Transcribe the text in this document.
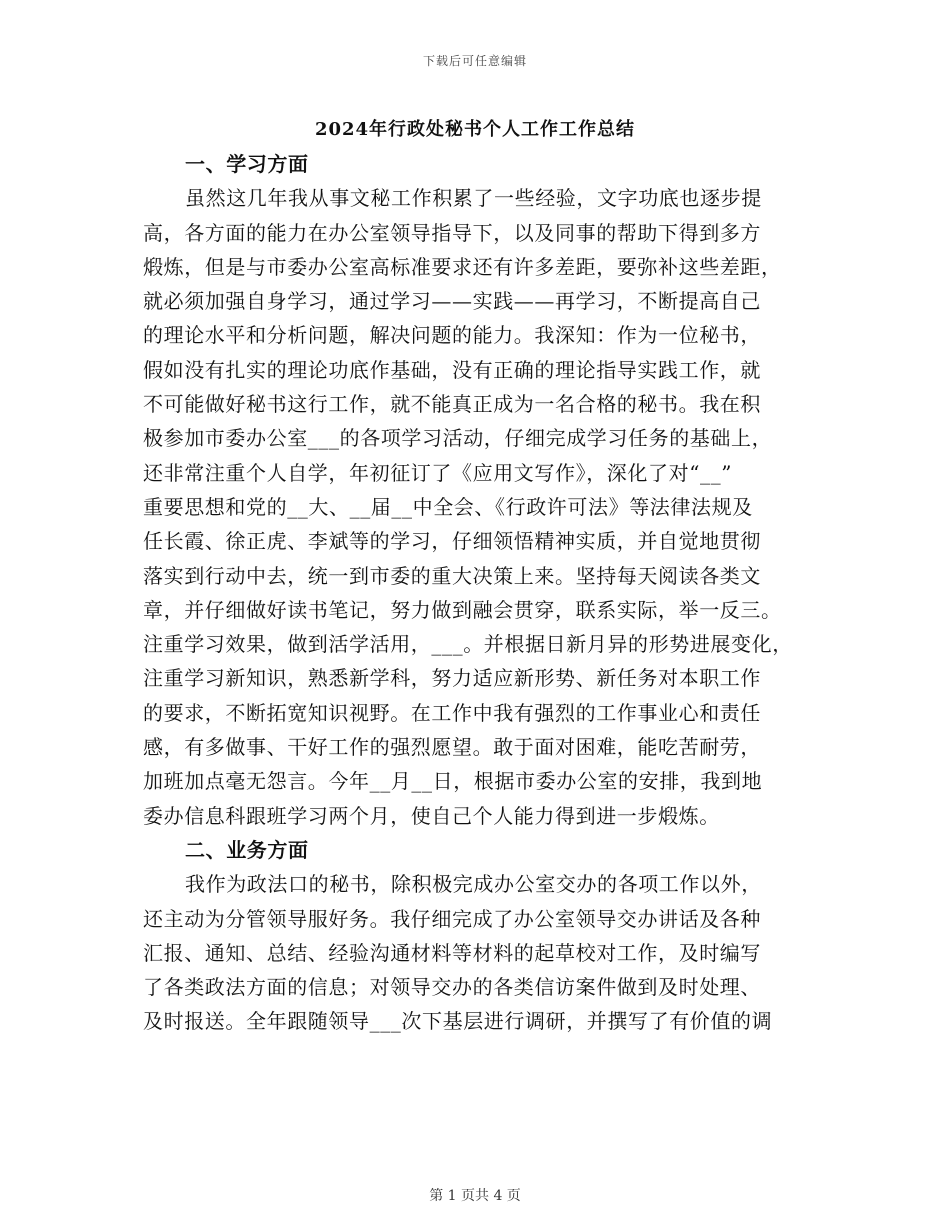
下载后可任意编辑
2024年行政处秘书个人工作工作总结
一、学习方面
虽然这几年我从事文秘工作积累了一些经验，文字功底也逐步提
高，各方面的能力在办公室领导指导下，以及同事的帮助下得到多方
煅炼，但是与市委办公室高标准要求还有许多差距，要弥补这些差距，
就必须加强自身学习，通过学习——实践——再学习，不断提高自己
的理论水平和分析问题，解决问题的能力。我深知：作为一位秘书，
假如没有扎实的理论功底作基础，没有正确的理论指导实践工作，就
不可能做好秘书这行工作，就不能真正成为一名合格的秘书。我在积
极参加市委办公室___的各项学习活动，仔细完成学习任务的基础上，
还非常注重个人自学，年初征订了《应用文写作》，深化了对“__”
重要思想和党的__大、__届__中全会、《行政许可法》等法律法规及
任长霞、徐正虎、李斌等的学习，仔细领悟精神实质，并自觉地贯彻
落实到行动中去，统一到市委的重大决策上来。坚持每天阅读各类文
章，并仔细做好读书笔记，努力做到融会贯穿，联系实际，举一反三。
注重学习效果，做到活学活用，___。并根据日新月异的形势进展变化，
注重学习新知识，熟悉新学科，努力适应新形势、新任务对本职工作
的要求，不断拓宽知识视野。在工作中我有强烈的工作事业心和责任
感，有多做事、干好工作的强烈愿望。敢于面对困难，能吃苦耐劳，
加班加点毫无怨言。今年__月__日，根据市委办公室的安排，我到地
委办信息科跟班学习两个月，使自己个人能力得到进一步煅炼。
二、业务方面
我作为政法口的秘书，除积极完成办公室交办的各项工作以外，
还主动为分管领导服好务。我仔细完成了办公室领导交办讲话及各种
汇报、通知、总结、经验沟通材料等材料的起草校对工作，及时编写
了各类政法方面的信息；对领导交办的各类信访案件做到及时处理、
及时报送。全年跟随领导___次下基层进行调研，并撰写了有价值的调
第 1 页共 4 页
